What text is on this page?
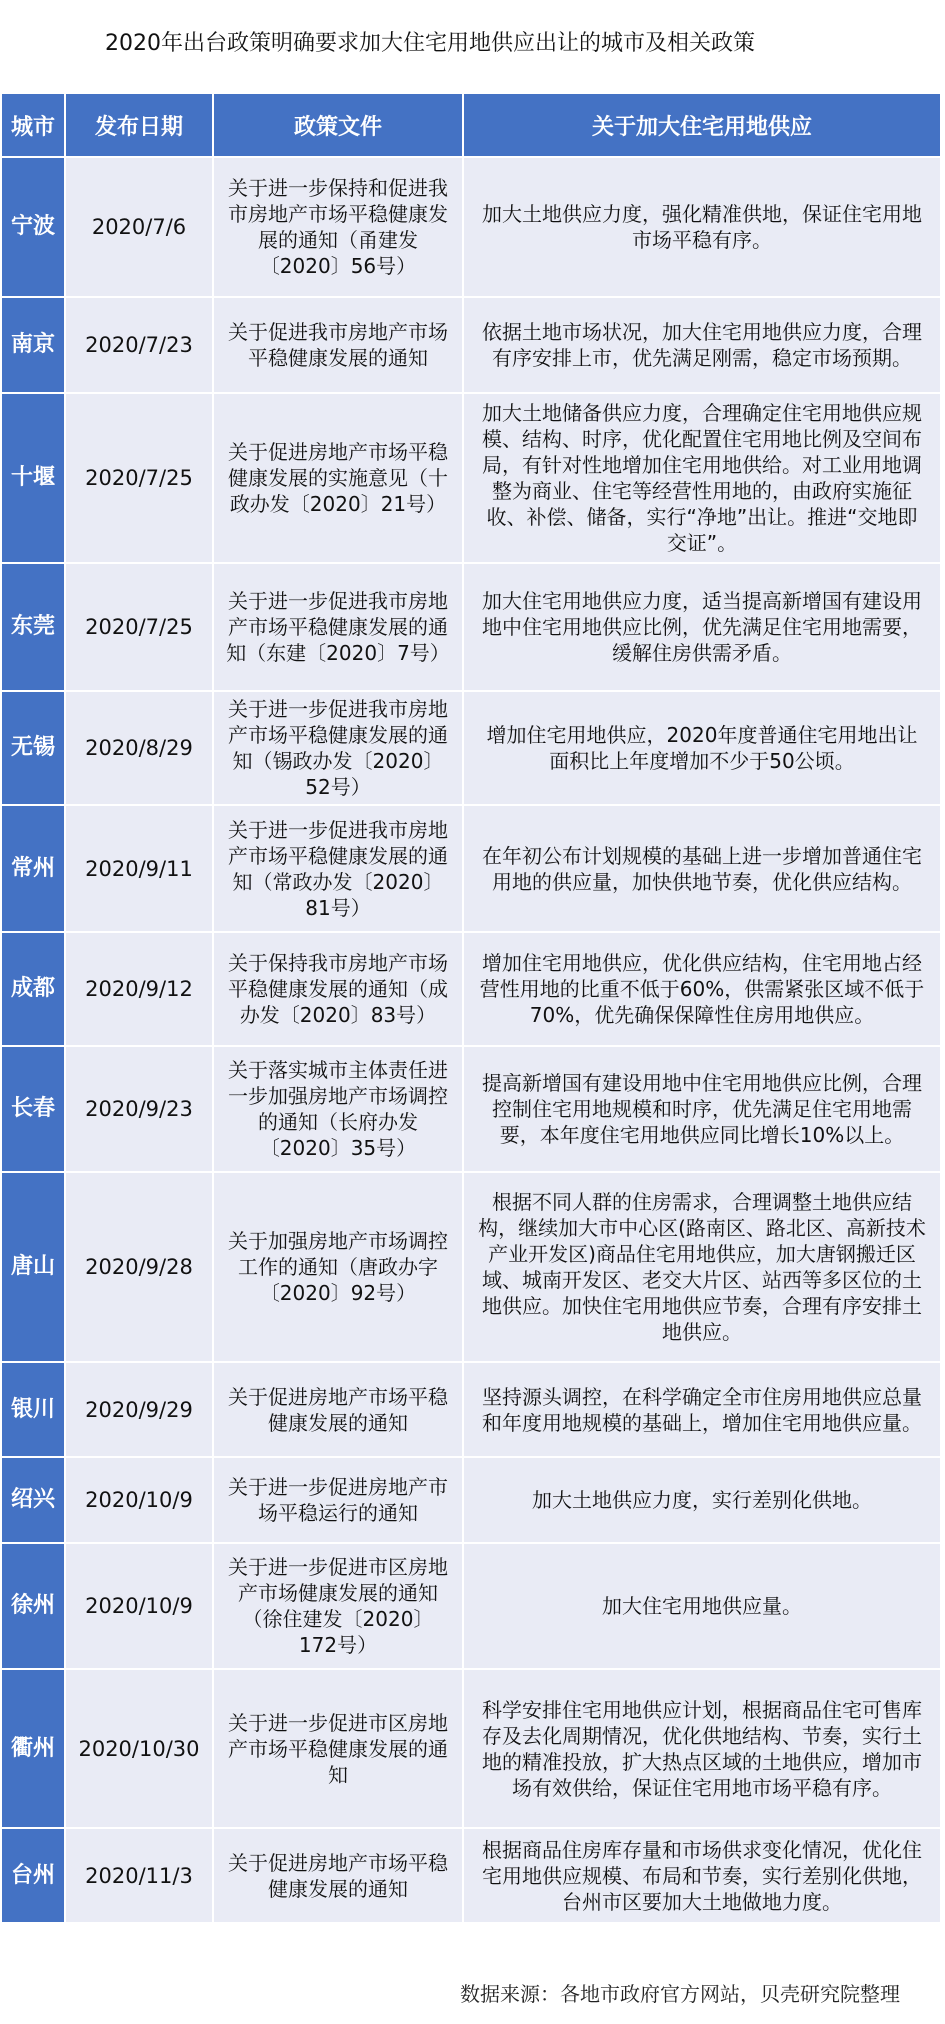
2020年出台政策明确要求加大住宅用地供应出让的城市及相关政策
城市	发布日期	政策文件	关于加大住宅用地供应
宁波	2020/7/6	关于进一步保持和促进我市房地产市场平稳健康发展的通知（甬建发〔2020〕56号）	加大土地供应力度，强化精准供地，保证住宅用地市场平稳有序。
南京	2020/7/23	关于促进我市房地产市场平稳健康发展的通知	依据土地市场状况，加大住宅用地供应力度，合理有序安排上市，优先满足刚需，稳定市场预期。
十堰	2020/7/25	关于促进房地产市场平稳健康发展的实施意见（十政办发〔2020〕21号）	加大土地储备供应力度，合理确定住宅用地供应规模、结构、时序，优化配置住宅用地比例及空间布局，有针对性地增加住宅用地供给。对工业用地调整为商业、住宅等经营性用地的，由政府实施征收、补偿、储备，实行“净地”出让。推进“交地即交证”。
东莞	2020/7/25	关于进一步促进我市房地产市场平稳健康发展的通知（东建〔2020〕7号）	加大住宅用地供应力度，适当提高新增国有建设用地中住宅用地供应比例，优先满足住宅用地需要，缓解住房供需矛盾。
无锡	2020/8/29	关于进一步促进我市房地产市场平稳健康发展的通知（锡政办发〔2020〕52号）	增加住宅用地供应，2020年度普通住宅用地出让面积比上年度增加不少于50公顷。
常州	2020/9/11	关于进一步促进我市房地产市场平稳健康发展的通知（常政办发〔2020〕81号）	在年初公布计划规模的基础上进一步增加普通住宅用地的供应量，加快供地节奏，优化供应结构。
成都	2020/9/12	关于保持我市房地产市场平稳健康发展的通知（成办发〔2020〕83号）	增加住宅用地供应，优化供应结构，住宅用地占经营性用地的比重不低于60%，供需紧张区域不低于70%，优先确保保障性住房用地供应。
长春	2020/9/23	关于落实城市主体责任进一步加强房地产市场调控的通知（长府办发〔2020〕35号）	提高新增国有建设用地中住宅用地供应比例，合理控制住宅用地规模和时序，优先满足住宅用地需要，本年度住宅用地供应同比增长10%以上。
唐山	2020/9/28	关于加强房地产市场调控工作的通知（唐政办字〔2020〕92号）	根据不同人群的住房需求，合理调整土地供应结构，继续加大市中心区(路南区、路北区、高新技术产业开发区)商品住宅用地供应，加大唐钢搬迁区域、城南开发区、老交大片区、站西等多区位的土地供应。加快住宅用地供应节奏，合理有序安排土地供应。
银川	2020/9/29	关于促进房地产市场平稳健康发展的通知	坚持源头调控，在科学确定全市住房用地供应总量和年度用地规模的基础上，增加住宅用地供应量。
绍兴	2020/10/9	关于进一步促进房地产市场平稳运行的通知	加大土地供应力度，实行差别化供地。
徐州	2020/10/9	关于进一步促进市区房地产市场健康发展的通知（徐住建发〔2020〕172号）	加大住宅用地供应量。
衢州	2020/10/30	关于进一步促进市区房地产市场平稳健康发展的通知	科学安排住宅用地供应计划，根据商品住宅可售库存及去化周期情况，优化供地结构、节奏，实行土地的精准投放，扩大热点区域的土地供应，增加市场有效供给，保证住宅用地市场平稳有序。
台州	2020/11/3	关于促进房地产市场平稳健康发展的通知	根据商品住房库存量和市场供求变化情况，优化住宅用地供应规模、布局和节奏，实行差别化供地，台州市区要加大土地做地力度。
数据来源：各地市政府官方网站，贝壳研究院整理
